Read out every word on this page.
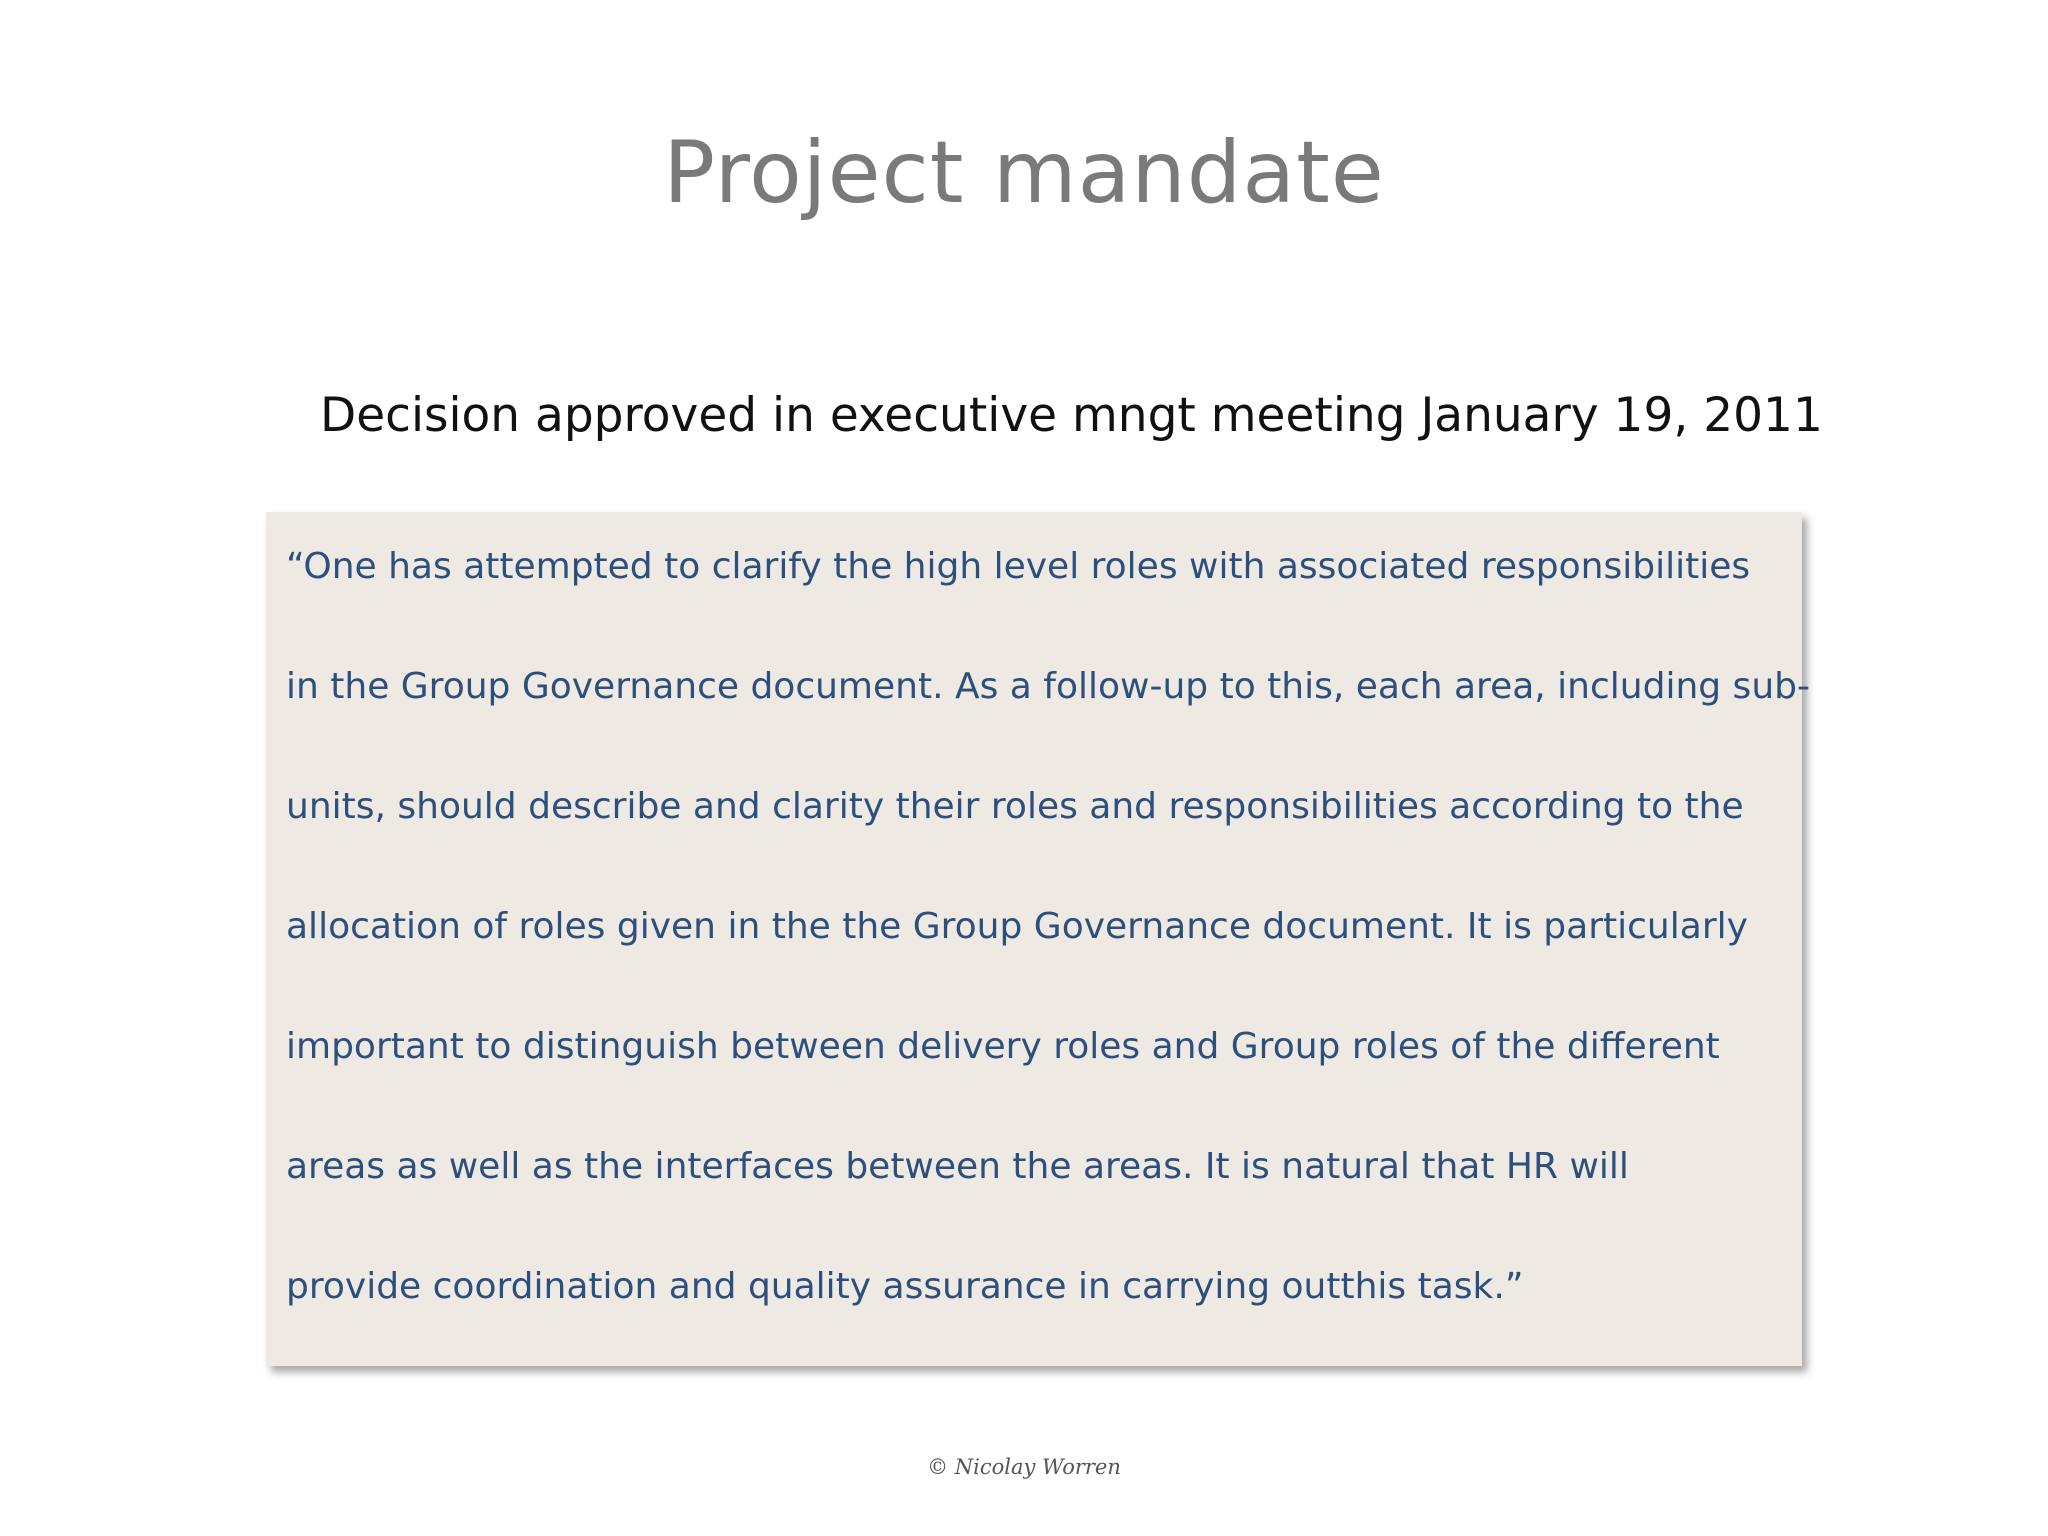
Project mandate
Decision approved in executive mngt meeting January 19, 2011
“One has attempted to clarify the high level roles with associated responsibilities
in the Group Governance document. As a follow-up to this, each area, including sub-
units, should describe and clarity their roles and responsibilities according to the
allocation of roles given in the the Group Governance document. It is particularly
important to distinguish between delivery roles and Group roles of the different
areas as well as the interfaces between the areas. It is natural that HR will
provide coordination and quality assurance in carrying outthis task.”
© Nicolay Worren
